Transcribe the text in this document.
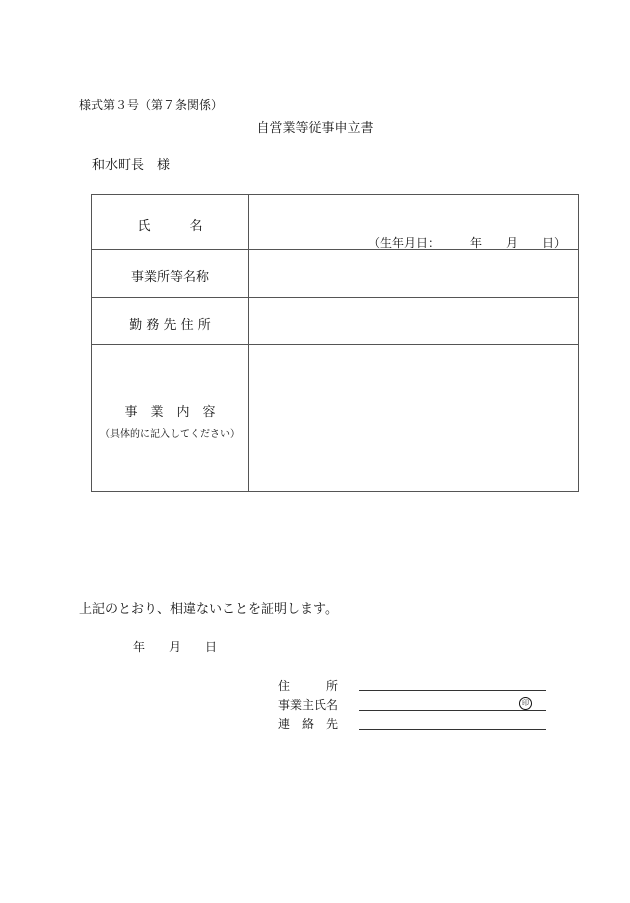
様式第３号（第７条関係）
自営業等従事申立書
和水町長　様
氏　　　名
（生年月日：　　　年　　月　　日）
事業所等名称
勤 務 先 住 所
事　業　内　容
（具体的に記入してください）
上記のとおり、相違ないことを証明します。
年　　月　　日
住　　　所
事業主氏名	印
連　絡　先
